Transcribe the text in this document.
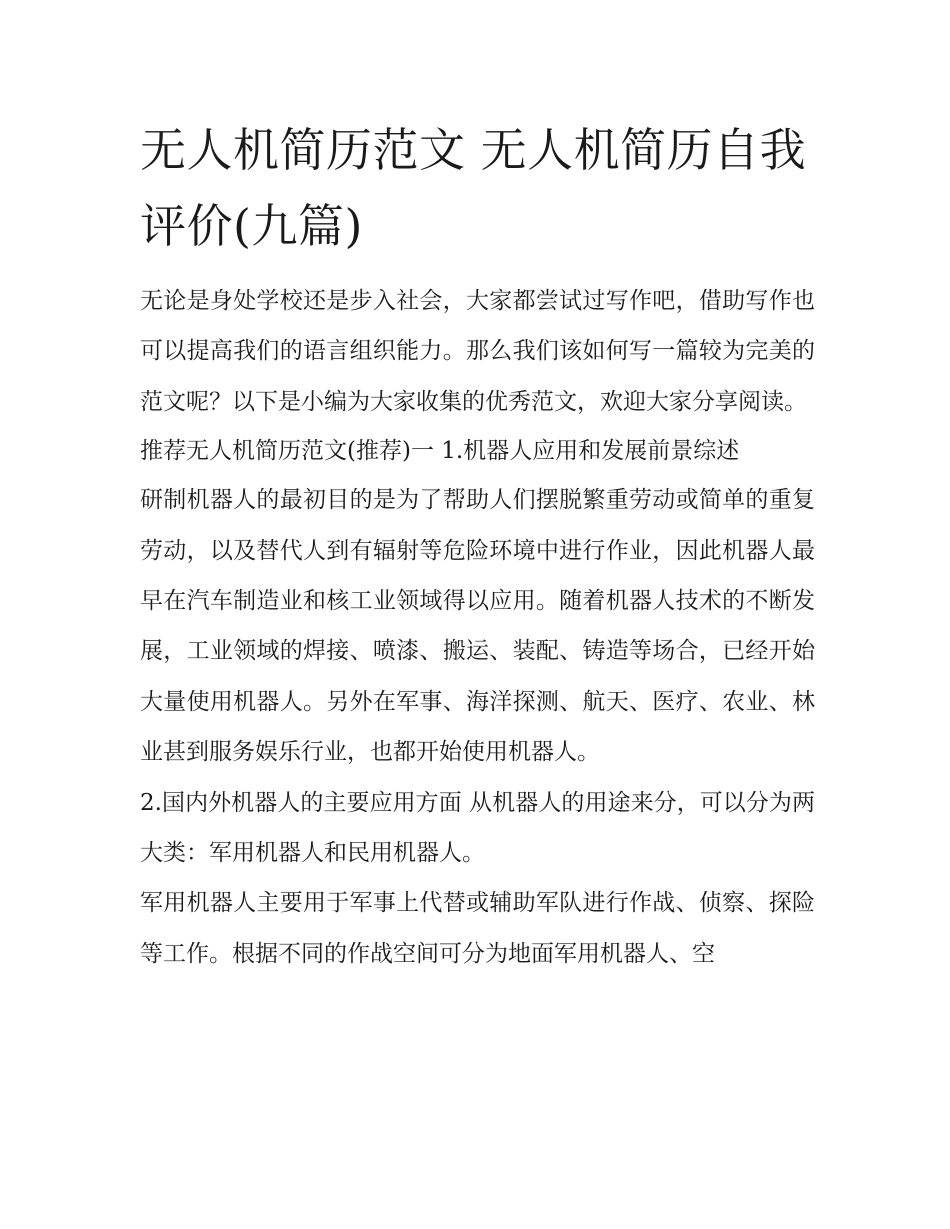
无人机简历范文 无人机简历自我评价(九篇)

无论是身处学校还是步入社会，大家都尝试过写作吧，借助写作也可以提高我们的语言组织能力。那么我们该如何写一篇较为完美的范文呢？以下是小编为大家收集的优秀范文，欢迎大家分享阅读。

推荐无人机简历范文(推荐)一 1.机器人应用和发展前景综述

研制机器人的最初目的是为了帮助人们摆脱繁重劳动或简单的重复劳动，以及替代人到有辐射等危险环境中进行作业，因此机器人最早在汽车制造业和核工业领域得以应用。随着机器人技术的不断发展，工业领域的焊接、喷漆、搬运、装配、铸造等场合，已经开始大量使用机器人。另外在军事、海洋探测、航天、医疗、农业、林业甚到服务娱乐行业，也都开始使用机器人。

2.国内外机器人的主要应用方面 从机器人的用途来分，可以分为两大类：军用机器人和民用机器人。

军用机器人主要用于军事上代替或辅助军队进行作战、侦察、探险等工作。根据不同的作战空间可分为地面军用机器人、空
